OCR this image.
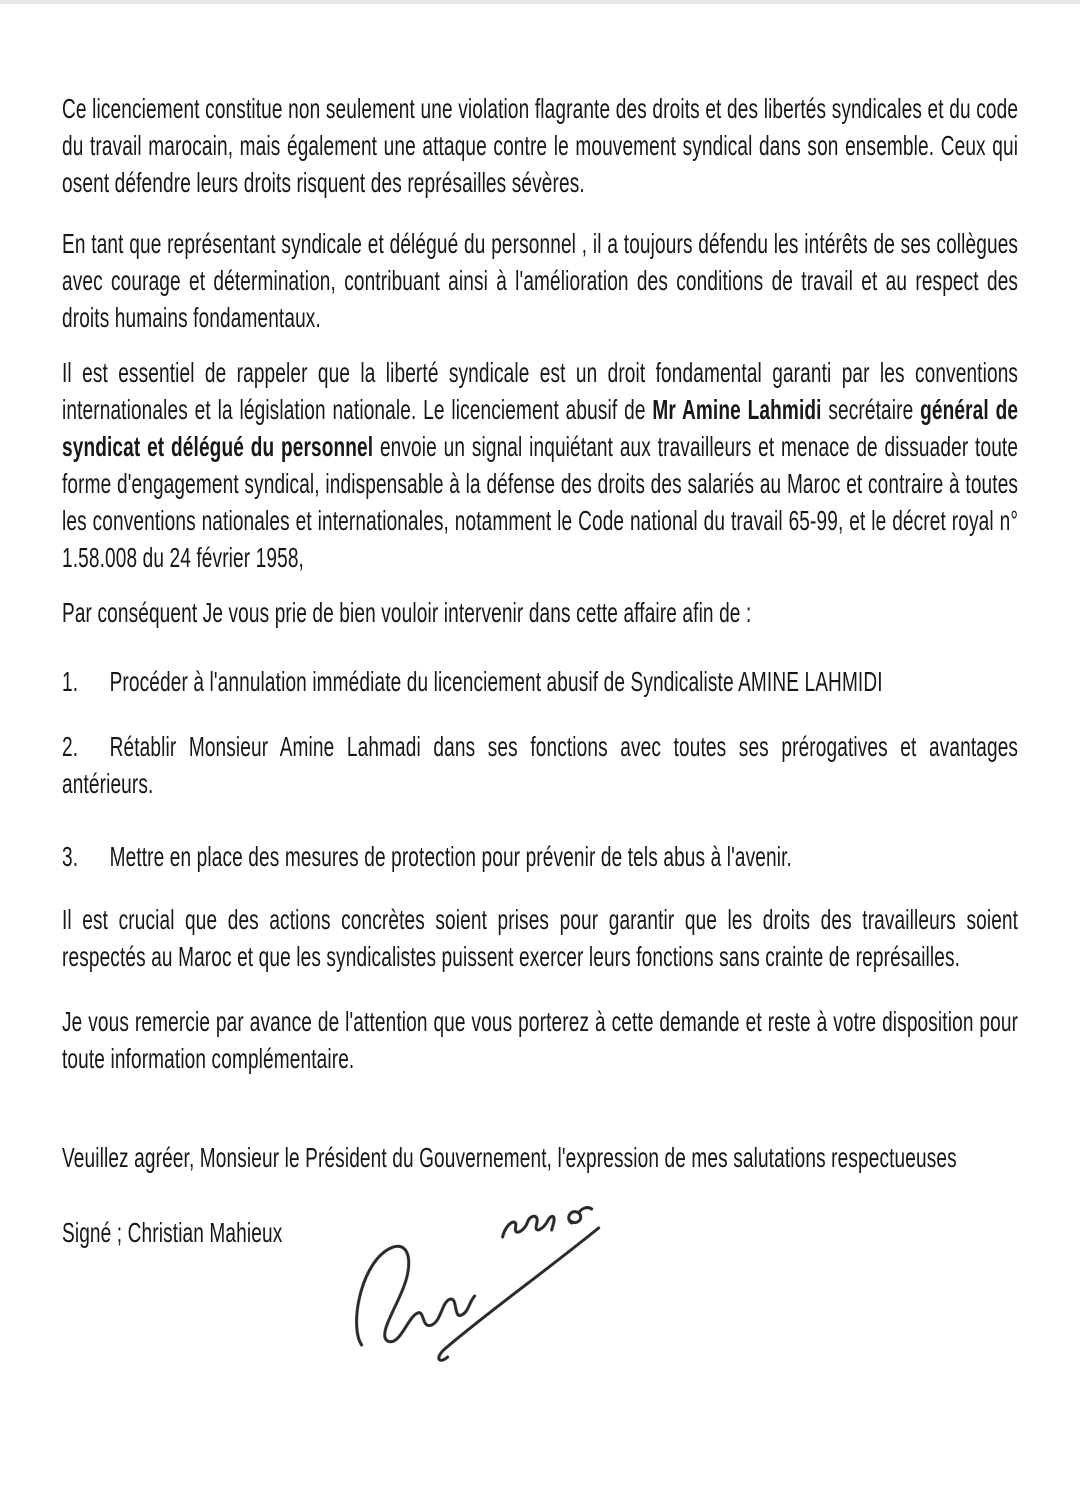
Ce licenciement constitue non seulement une violation flagrante des droits et des libertés syndicales et du code du travail marocain, mais également une attaque contre le mouvement syndical dans son ensemble. Ceux qui osent défendre leurs droits risquent des représailles sévères.

En tant que représentant syndicale et délégué du personnel , il a toujours défendu les intérêts de ses collègues avec courage et détermination, contribuant ainsi à l'amélioration des conditions de travail et au respect des droits humains fondamentaux.

Il est essentiel de rappeler que la liberté syndicale est un droit fondamental garanti par les conventions internationales et la législation nationale. Le licenciement abusif de Mr Amine Lahmidi secrétaire général de syndicat et délégué du personnel envoie un signal inquiétant aux travailleurs et menace de dissuader toute forme d'engagement syndical, indispensable à la défense des droits des salariés au Maroc et contraire à toutes les conventions nationales et internationales, notamment le Code national du travail 65-99, et le décret royal n° 1.58.008 du 24 février 1958,

Par conséquent Je vous prie de bien vouloir intervenir dans cette affaire afin de :

1. Procéder à l'annulation immédiate du licenciement abusif de Syndicaliste AMINE LAHMIDI

2. Rétablir Monsieur Amine Lahmadi dans ses fonctions avec toutes ses prérogatives et avantages antérieurs.

3. Mettre en place des mesures de protection pour prévenir de tels abus à l'avenir.

Il est crucial que des actions concrètes soient prises pour garantir que les droits des travailleurs soient respectés au Maroc et que les syndicalistes puissent exercer leurs fonctions sans crainte de représailles.

Je vous remercie par avance de l'attention que vous porterez à cette demande et reste à votre disposition pour toute information complémentaire.

Veuillez agréer, Monsieur le Président du Gouvernement, l'expression de mes salutations respectueuses

Signé ; Christian Mahieux
